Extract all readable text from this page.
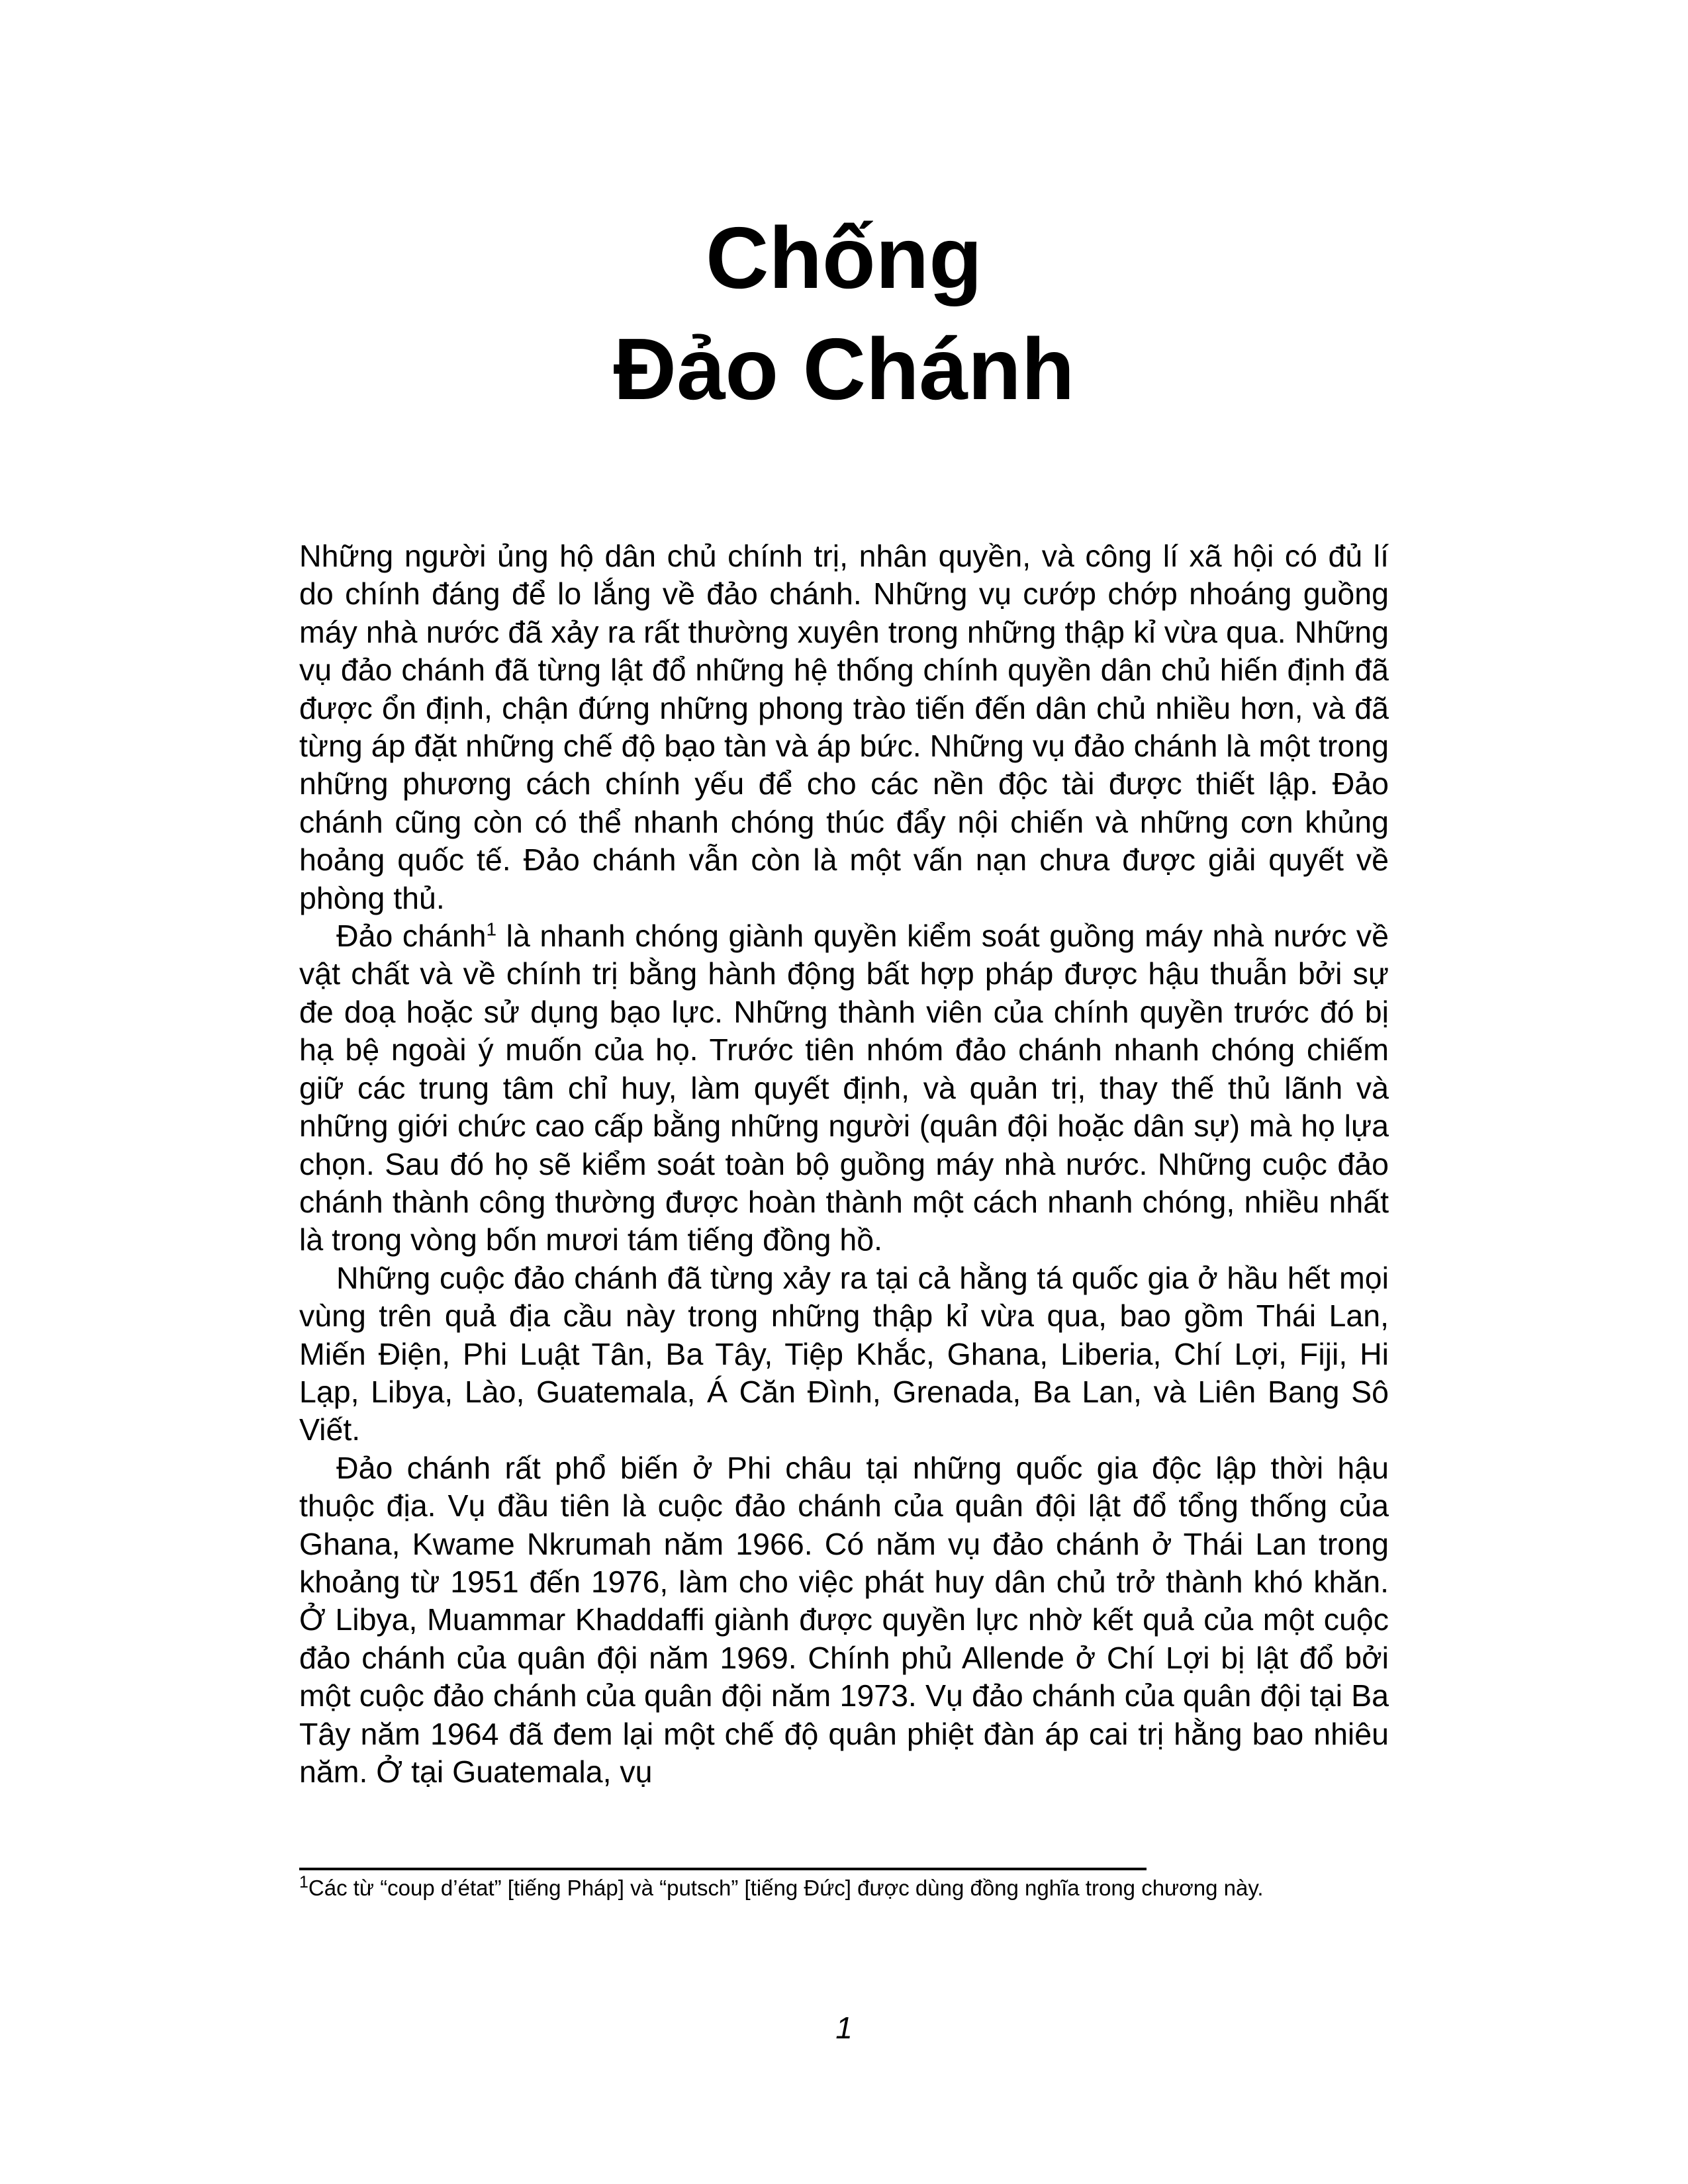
Chống
Đảo Chánh

Những người ủng hộ dân chủ chính trị, nhân quyền, và công lí xã hội có đủ lí do chính đáng để lo lắng về đảo chánh. Những vụ cướp chớp nhoáng guồng máy nhà nước đã xảy ra rất thường xuyên trong những thập kỉ vừa qua. Những vụ đảo chánh đã từng lật đổ những hệ thống chính quyền dân chủ hiến định đã được ổn định, chận đứng những phong trào tiến đến dân chủ nhiều hơn, và đã từng áp đặt những chế độ bạo tàn và áp bức. Những vụ đảo chánh là một trong những phương cách chính yếu để cho các nền độc tài được thiết lập. Đảo chánh cũng còn có thể nhanh chóng thúc đẩy nội chiến và những cơn khủng hoảng quốc tế. Đảo chánh vẫn còn là một vấn nạn chưa được giải quyết về phòng thủ.

Đảo chánh$^1$ là nhanh chóng giành quyền kiểm soát guồng máy nhà nước về vật chất và về chính trị bằng hành động bất hợp pháp được hậu thuẫn bởi sự đe doạ hoặc sử dụng bạo lực. Những thành viên của chính quyền trước đó bị hạ bệ ngoài ý muốn của họ. Trước tiên nhóm đảo chánh nhanh chóng chiếm giữ các trung tâm chỉ huy, làm quyết định, và quản trị, thay thế thủ lãnh và những giới chức cao cấp bằng những người (quân đội hoặc dân sự) mà họ lựa chọn. Sau đó họ sẽ kiểm soát toàn bộ guồng máy nhà nước. Những cuộc đảo chánh thành công thường được hoàn thành một cách nhanh chóng, nhiều nhất là trong vòng bốn mươi tám tiếng đồng hồ.

Những cuộc đảo chánh đã từng xảy ra tại cả hằng tá quốc gia ở hầu hết mọi vùng trên quả địa cầu này trong những thập kỉ vừa qua, bao gồm Thái Lan, Miến Điện, Phi Luật Tân, Ba Tây, Tiệp Khắc, Ghana, Liberia, Chí Lợi, Fiji, Hi Lạp, Libya, Lào, Guatemala, Á Căn Đình, Grenada, Ba Lan, và Liên Bang Sô Viết.

Đảo chánh rất phổ biến ở Phi châu tại những quốc gia độc lập thời hậu thuộc địa. Vụ đầu tiên là cuộc đảo chánh của quân đội lật đổ tổng thống của Ghana, Kwame Nkrumah năm 1966. Có năm vụ đảo chánh ở Thái Lan trong khoảng từ 1951 đến 1976, làm cho việc phát huy dân chủ trở thành khó khăn. Ở Libya, Muammar Khaddaffi giành được quyền lực nhờ kết quả của một cuộc đảo chánh của quân đội năm 1969. Chính phủ Allende ở Chí Lợi bị lật đổ bởi một cuộc đảo chánh của quân đội năm 1973. Vụ đảo chánh của quân đội tại Ba Tây năm 1964 đã đem lại một chế độ quân phiệt đàn áp cai trị hằng bao nhiêu năm. Ở tại Guatemala, vụ

$^1$Các từ “coup d’état” [tiếng Pháp] và “putsch” [tiếng Đức] được dùng đồng nghĩa trong chương này.
1
